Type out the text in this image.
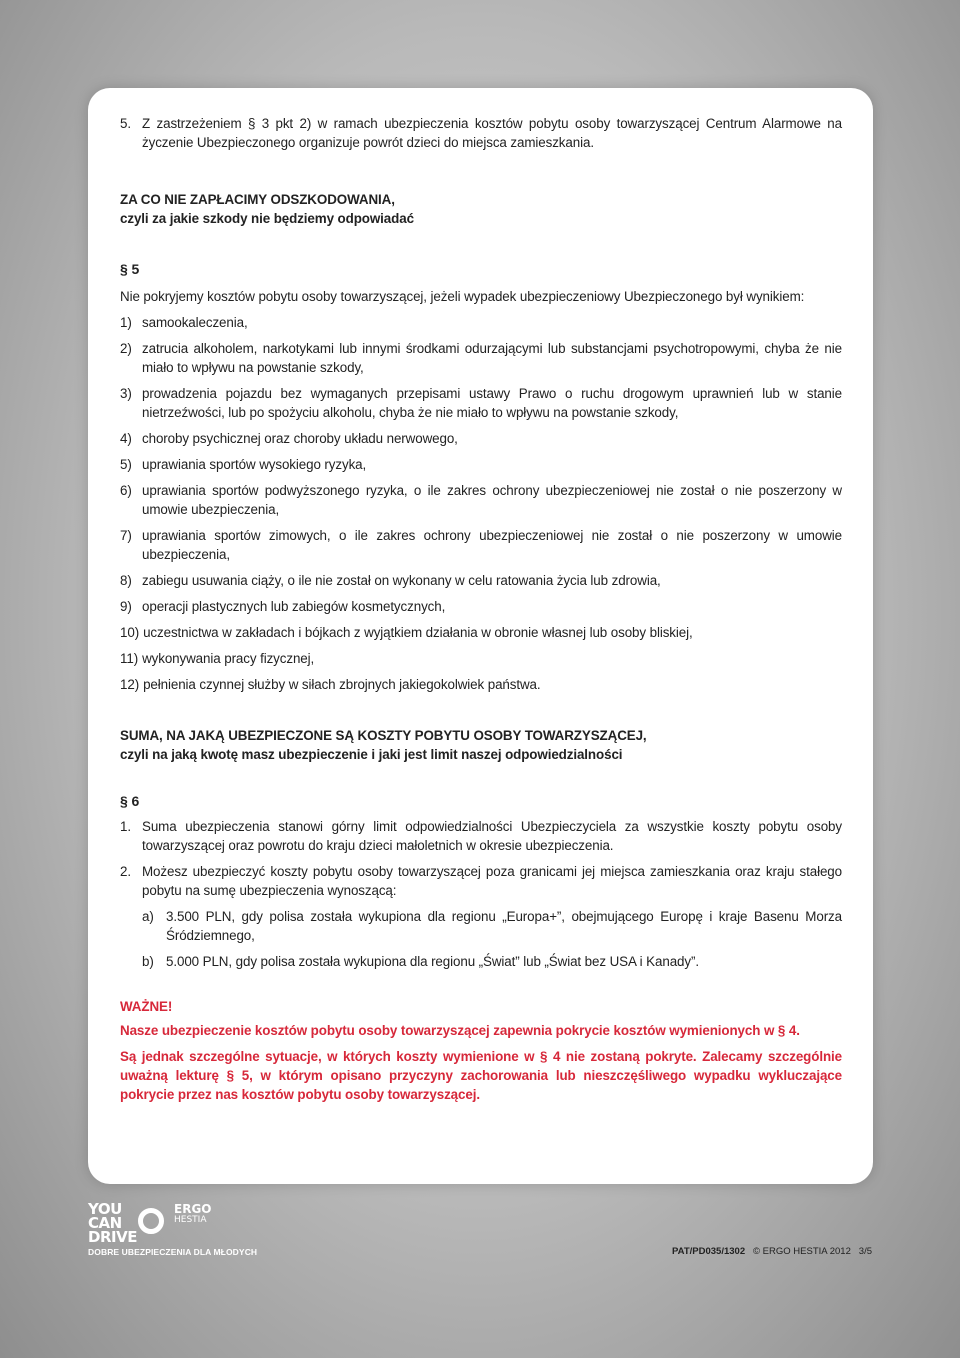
5. Z zastrzeżeniem § 3 pkt 2) w ramach ubezpieczenia kosztów pobytu osoby towarzyszącej Centrum Alarmowe na życzenie Ubezpieczonego organizuje powrót dzieci do miejsca zamieszkania.

ZA CO NIE ZAPŁACIMY ODSZKODOWANIA,

czyli za jakie szkody nie będziemy odpowiadać

§ 5

Nie pokryjemy kosztów pobytu osoby towarzyszącej, jeżeli wypadek ubezpieczeniowy Ubezpieczonego był wynikiem:

1) samookaleczenia,
2) zatrucia alkoholem, narkotykami lub innymi środkami odurzającymi lub substancjami psychotropowymi, chyba że nie miało to wpływu na powstanie szkody,
3) prowadzenia pojazdu bez wymaganych przepisami ustawy Prawo o ruchu drogowym uprawnień lub w stanie nietrzeźwości, lub po spożyciu alkoholu, chyba że nie miało to wpływu na powstanie szkody,
4) choroby psychicznej oraz choroby układu nerwowego,
5) uprawiania sportów wysokiego ryzyka,
6) uprawiania sportów podwyższonego ryzyka, o ile zakres ochrony ubezpieczeniowej nie został o nie poszerzony w umowie ubezpieczenia,
7) uprawiania sportów zimowych, o ile zakres ochrony ubezpieczeniowej nie został o nie poszerzony w umowie ubezpieczenia,
8) zabiegu usuwania ciąży, o ile nie został on wykonany w celu ratowania życia lub zdrowia,
9) operacji plastycznych lub zabiegów kosmetycznych,
10) uczestnictwa w zakładach i bójkach z wyjątkiem działania w obronie własnej lub osoby bliskiej,
11) wykonywania pracy fizycznej,
12) pełnienia czynnej służby w siłach zbrojnych jakiegokolwiek państwa.

SUMA, NA JAKĄ UBEZPIECZONE SĄ KOSZTY POBYTU OSOBY TOWARZYSZĄCEJ,

czyli na jaką kwotę masz ubezpieczenie i jaki jest limit naszej odpowiedzialności

§ 6

1. Suma ubezpieczenia stanowi górny limit odpowiedzialności Ubezpieczyciela za wszystkie koszty pobytu osoby towarzyszącej oraz powrotu do kraju dzieci małoletnich w okresie ubezpieczenia.
2. Możesz ubezpieczyć koszty pobytu osoby towarzyszącej poza granicami jej miejsca zamieszkania oraz kraju stałego pobytu na sumę ubezpieczenia wynoszącą:
a) 3.500 PLN, gdy polisa została wykupiona dla regionu „Europa+”, obejmującego Europę i kraje Basenu Morza Śródziemnego,
b) 5.000 PLN, gdy polisa została wykupiona dla regionu „Świat” lub „Świat bez USA i Kanady”.

WAŻNE!

Nasze ubezpieczenie kosztów pobytu osoby towarzyszącej zapewnia pokrycie kosztów wymienionych w § 4.

Są jednak szczególne sytuacje, w których koszty wymienione w § 4 nie zostaną pokryte. Zalecamy szczególnie uważną lekturę § 5, w którym opisano przyczyny zachorowania lub nieszczęśliwego wypadku wykluczające pokrycie przez nas kosztów pobytu osoby towarzyszącej.

YOU
CAN
DRIVE
ERGO
HESTIA
DOBRE UBEZPIECZENIA DLA MŁODYCH	PAT/PD035/1302 © ERGO HESTIA 2012 3/5
